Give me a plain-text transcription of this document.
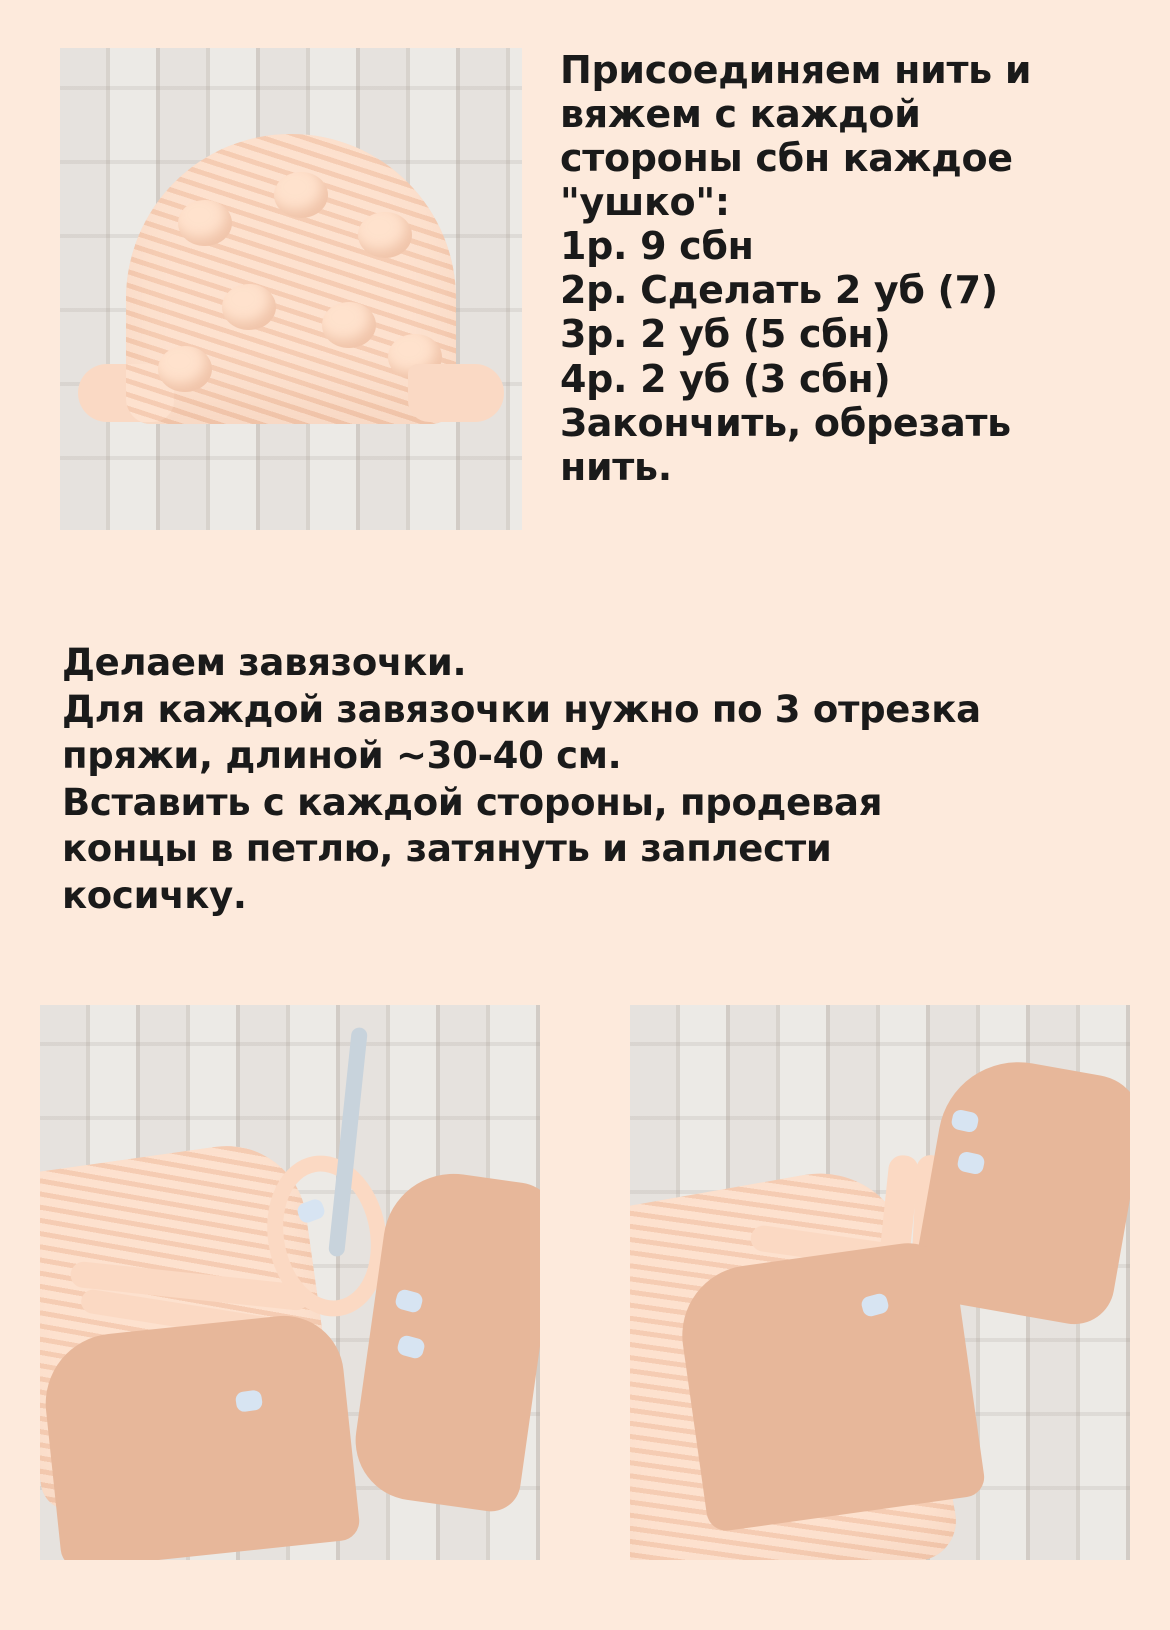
Присоединяем нить и
вяжем с каждой
стороны сбн каждое
"ушко":
1р. 9 сбн
2р. Сделать 2 уб (7)
3р. 2 уб (5 сбн)
4р. 2 уб (3 сбн)
Закончить, обрезать
нить.
Делаем завязочки.
Для каждой завязочки нужно по 3 отрезка
пряжи, длиной ~30-40 см.
Вставить с каждой стороны, продевая
концы в петлю, затянуть и заплести
косичку.
